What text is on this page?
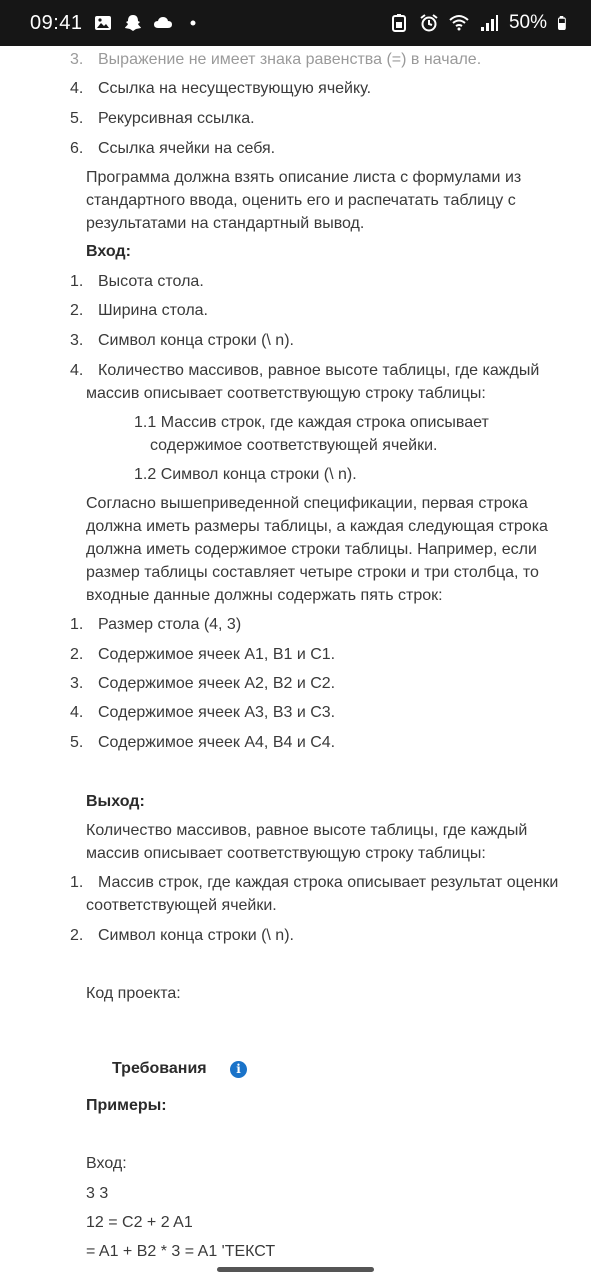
09:41	50%
3. Выражение не имеет знака равенства (=) в начале.
4. Ссылка на несуществующую ячейку.
5. Рекурсивная ссылка.
6. Ссылка ячейки на себя.
Программа должна взять описание листа с формулами из стандартного ввода, оценить его и распечатать таблицу с результатами на стандартный вывод.
Вход:
1. Высота стола.
2. Ширина стола.
3. Символ конца строки (\ n).
4. Количество массивов, равное высоте таблицы, где каждый
массив описывает соответствующую строку таблицы:
1.1 Массив строк, где каждая строка описывает
содержимое соответствующей ячейки.
1.2 Символ конца строки (\ n).
Согласно вышеприведенной спецификации, первая строка должна иметь размеры таблицы, а каждая следующая строка должна иметь содержимое строки таблицы. Например, если размер таблицы составляет четыре строки и три столбца, то входные данные должны содержать пять строк:
1. Размер стола (4, 3)
2. Содержимое ячеек A1, B1 и C1.
3. Содержимое ячеек A2, B2 и C2.
4. Содержимое ячеек A3, B3 и C3.
5. Содержимое ячеек A4, B4 и C4.
Выход:
Количество массивов, равное высоте таблицы, где каждый массив описывает соответствующую строку таблицы:
1. Массив строк, где каждая строка описывает результат оценки
соответствующей ячейки.
2. Символ конца строки (\ n).
Код проекта:
Требования	i
Примеры:
Вход:
3 3
12 = C2 + 2 A1
= A1 + B2 * 3 = A1 'ТЕКСТ
